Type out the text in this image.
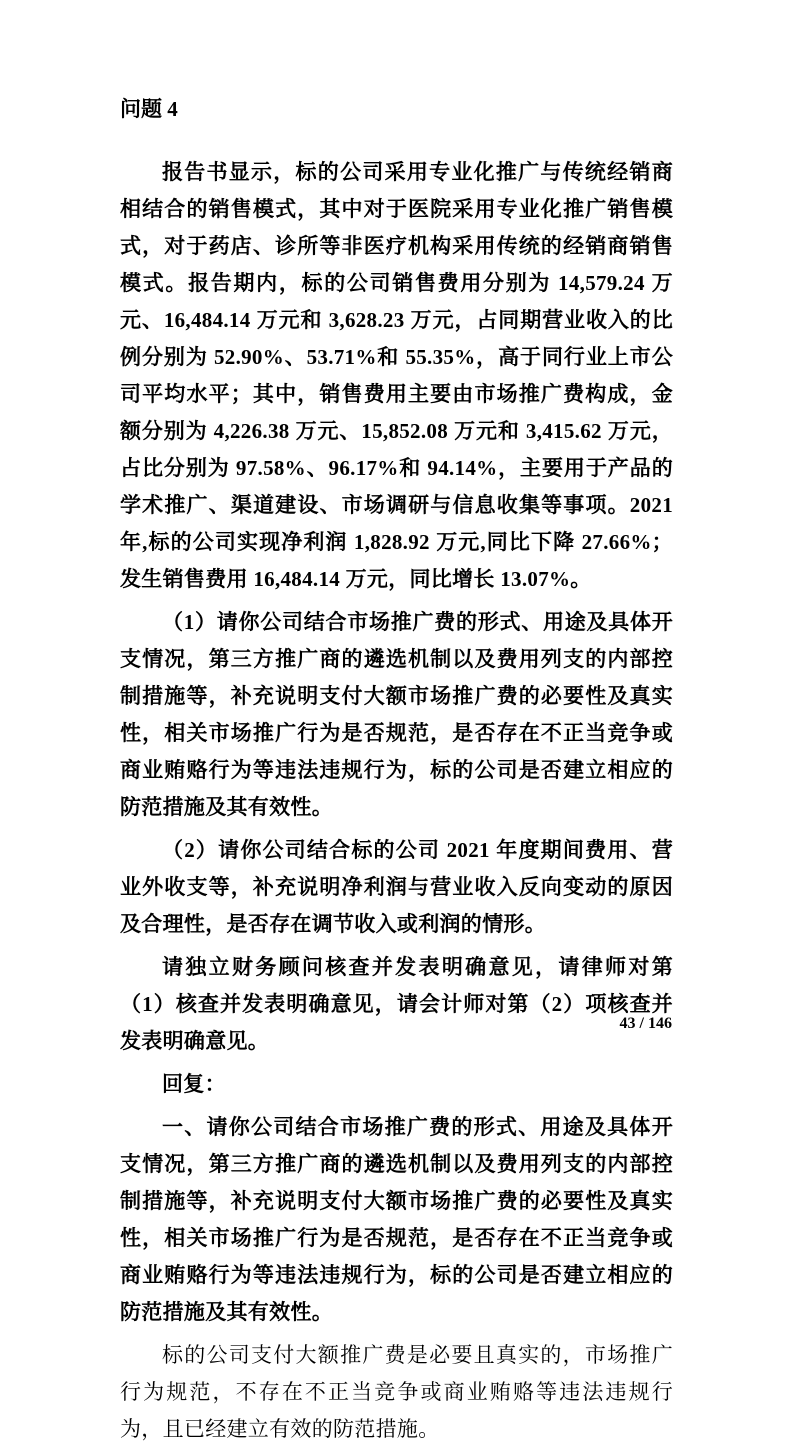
问题 4

报告书显示，标的公司采用专业化推广与传统经销商相结合的销售模式，其中对于医院采用专业化推广销售模式，对于药店、诊所等非医疗机构采用传统的经销商销售模式。报告期内，标的公司销售费用分别为 14,579.24 万元、16,484.14 万元和 3,628.23 万元，占同期营业收入的比例分别为 52.90%、53.71%和 55.35%，高于同行业上市公司平均水平；其中，销售费用主要由市场推广费构成，金额分别为 4,226.38 万元、15,852.08 万元和 3,415.62 万元，占比分别为 97.58%、96.17%和 94.14%，主要用于产品的学术推广、渠道建设、市场调研与信息收集等事项。2021 年,标的公司实现净利润 1,828.92 万元,同比下降 27.66%；发生销售费用 16,484.14 万元，同比增长 13.07%。

（1）请你公司结合市场推广费的形式、用途及具体开支情况，第三方推广商的遴选机制以及费用列支的内部控制措施等，补充说明支付大额市场推广费的必要性及真实性，相关市场推广行为是否规范，是否存在不正当竞争或商业贿赂行为等违法违规行为，标的公司是否建立相应的防范措施及其有效性。

（2）请你公司结合标的公司 2021 年度期间费用、营业外收支等，补充说明净利润与营业收入反向变动的原因及合理性，是否存在调节收入或利润的情形。

请独立财务顾问核查并发表明确意见，请律师对第（1）核查并发表明确意见，请会计师对第（2）项核查并发表明确意见。

回复：

一、请你公司结合市场推广费的形式、用途及具体开支情况，第三方推广商的遴选机制以及费用列支的内部控制措施等，补充说明支付大额市场推广费的必要性及真实性，相关市场推广行为是否规范，是否存在不正当竞争或商业贿赂行为等违法违规行为，标的公司是否建立相应的防范措施及其有效性。

标的公司支付大额推广费是必要且真实的，市场推广行为规范，不存在不正当竞争或商业贿赂等违法违规行为，且已经建立有效的防范措施。

43 / 146
